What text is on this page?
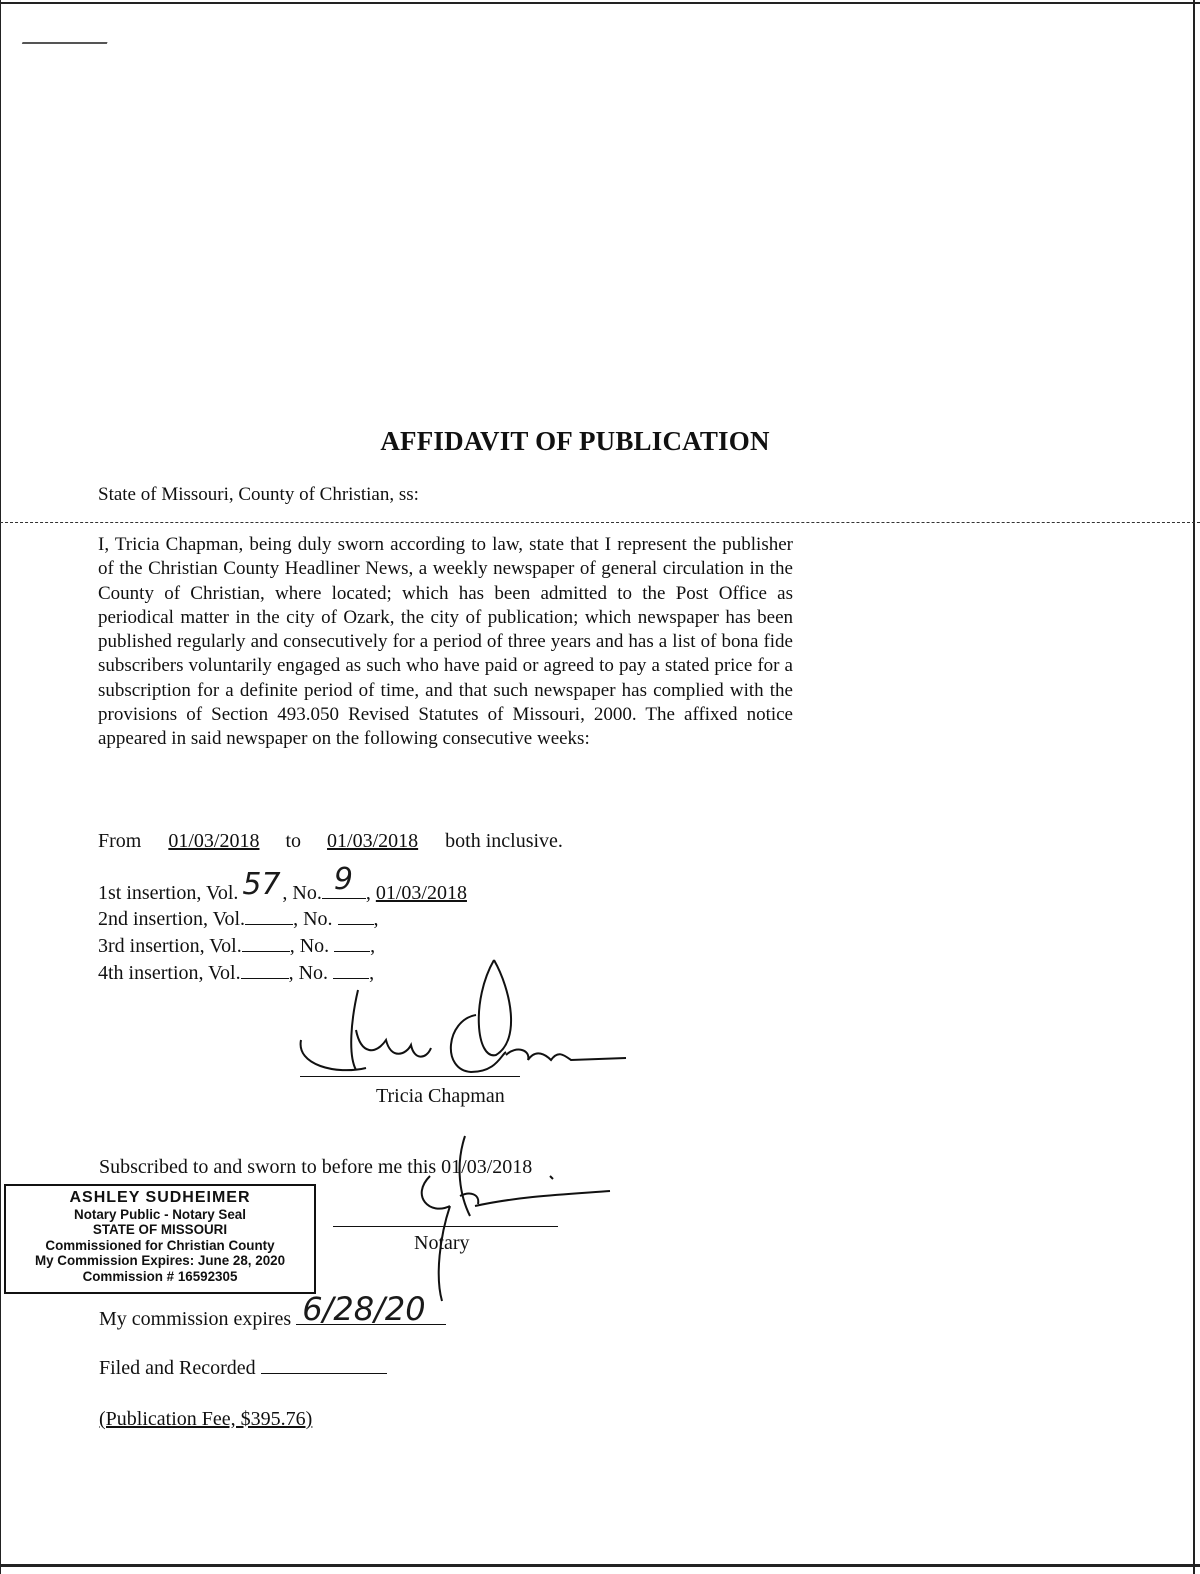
AFFIDAVIT OF PUBLICATION
State of Missouri, County of Christian, ss:
I, Tricia Chapman, being duly sworn according to law, state that I represent the publisher of the Christian County Headliner News, a weekly newspaper of general circulation in the County of Christian, where located; which has been admitted to the Post Office as periodical matter in the city of Ozark, the city of publication; which newspaper has been published regularly and consecutively for a period of three years and has a list of bona fide subscribers voluntarily engaged as such who have paid or agreed to pay a stated price for a subscription for a definite period of time, and that such newspaper has complied with the provisions of Section 493.050 Revised Statutes of Missouri, 2000. The affixed notice appeared in said newspaper on the following consecutive weeks:
From 01/03/2018 to 01/03/2018 both inclusive.
1st insertion, Vol. 57 , No. 9 , 01/03/2018
2nd insertion, Vol. , No. ,
3rd insertion, Vol. , No. ,
4th insertion, Vol. , No. ,
Tricia Chapman
Subscribed to and sworn to before me this 01/03/2018
Notary
ASHLEY SUDHEIMER
Notary Public - Notary Seal
STATE OF MISSOURI
Commissioned for Christian County
My Commission Expires: June 28, 2020
Commission # 16592305
My commission expires 6/28/20
Filed and Recorded
(Publication Fee, $395.76)
